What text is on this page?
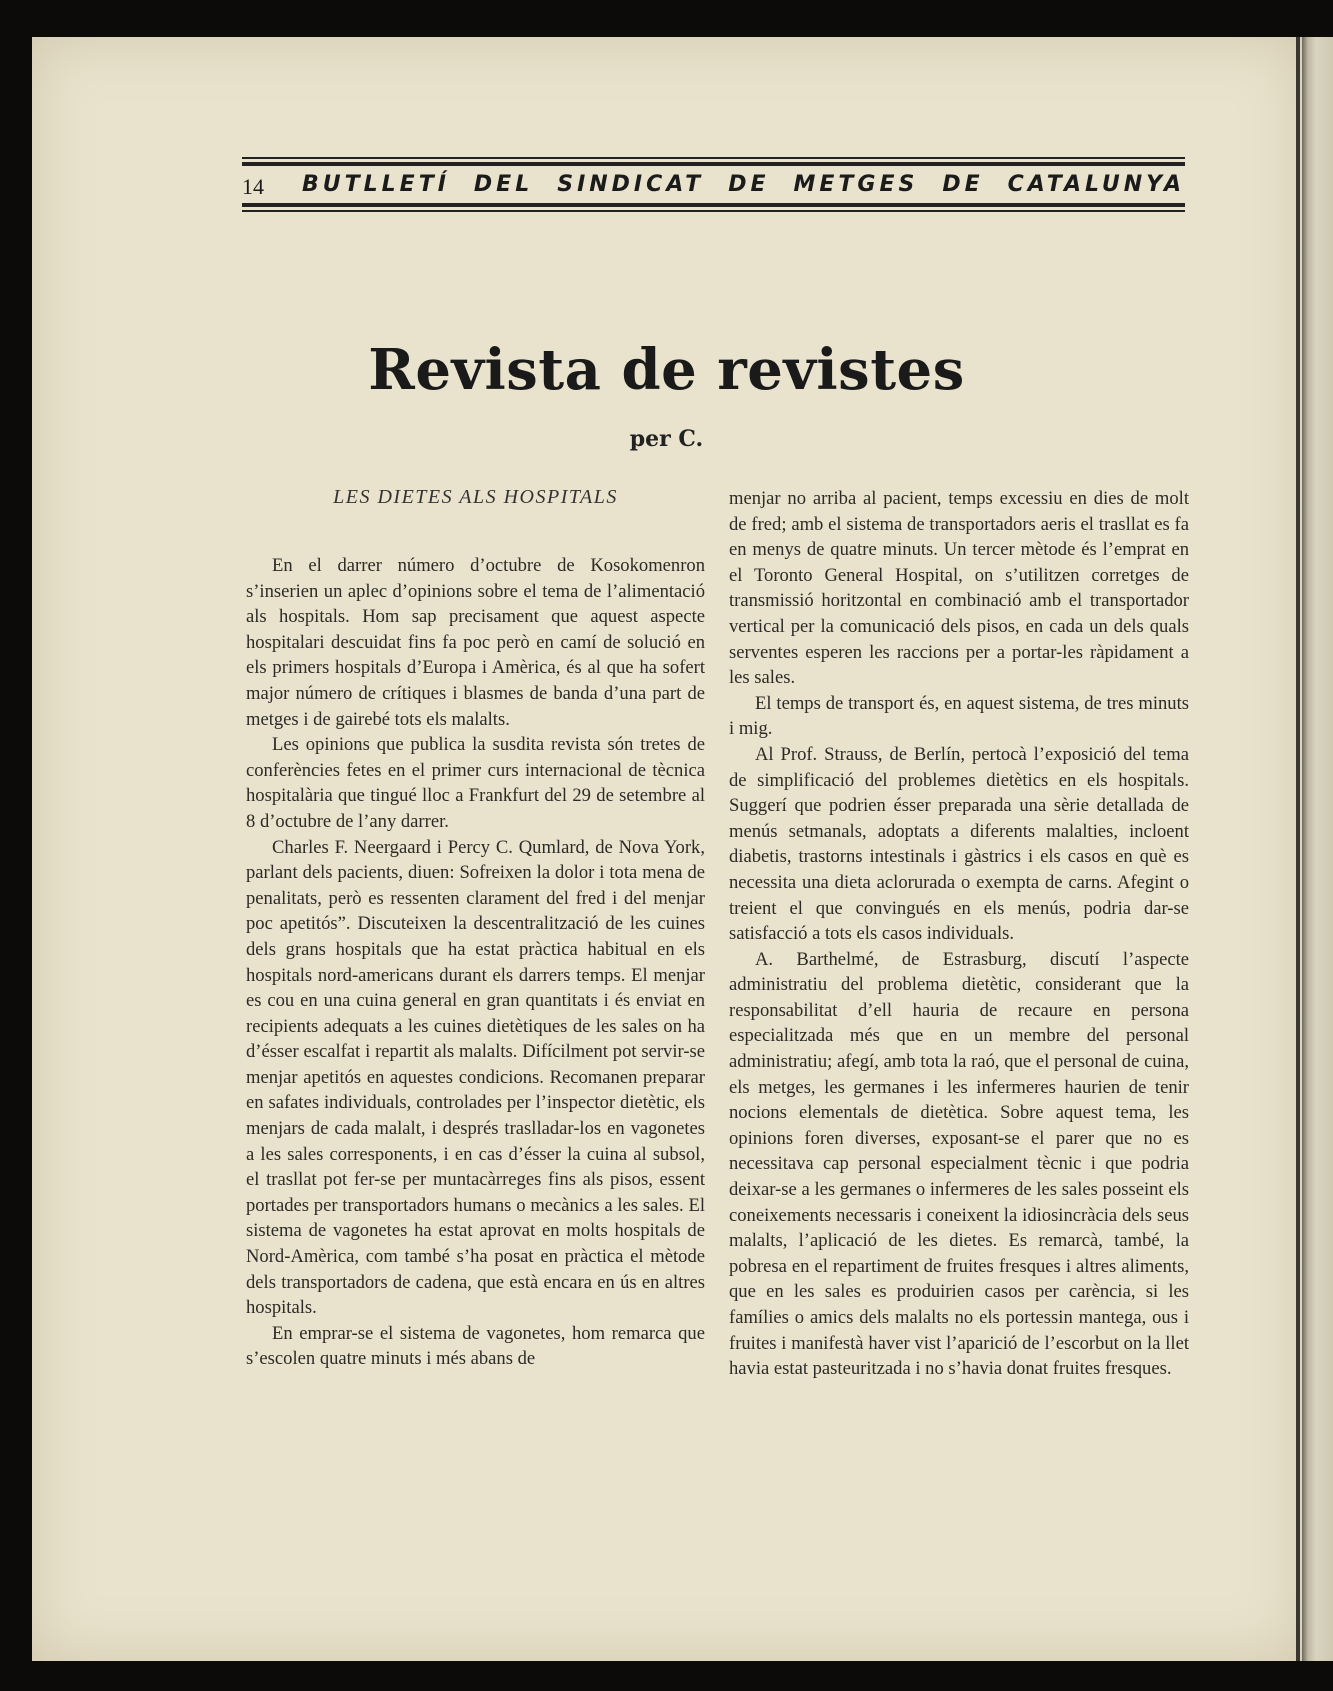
14 BUTLLETÍ DEL SINDICAT DE METGES DE CATALUNYA
Revista de revistes
per C.
LES DIETES ALS HOSPITALS

En el darrer número d’octubre de Kosokomenron s’inserien un aplec d’opinions sobre el tema de l’alimentació als hospitals. Hom sap precisament que aquest aspecte hospitalari descuidat fins fa poc però en camí de solució en els primers hospitals d’Europa i Amèrica, és al que ha sofert major número de crítiques i blasmes de banda d’una part de metges i de gairebé tots els malalts.

Les opinions que publica la susdita revista són tretes de conferències fetes en el primer curs internacional de tècnica hospitalària que tingué lloc a Frankfurt del 29 de setembre al 8 d’octubre de l’any darrer.

Charles F. Neergaard i Percy C. Qumlard, de Nova York, parlant dels pacients, diuen: Sofreixen la dolor i tota mena de penalitats, però es ressenten clarament del fred i del menjar poc apetitós”. Discuteixen la descentralització de les cuines dels grans hospitals que ha estat pràctica habitual en els hospitals nord-americans durant els darrers temps. El menjar es cou en una cuina general en gran quantitats i és enviat en recipients adequats a les cuines dietètiques de les sales on ha d’ésser escalfat i repartit als malalts. Difícilment pot servir-se menjar apetitós en aquestes condicions. Recomanen preparar en safates individuals, controlades per l’inspector dietètic, els menjars de cada malalt, i després traslladar-los en vagonetes a les sales corresponents, i en cas d’ésser la cuina al subsol, el trasllat pot fer-se per muntacàrreges fins als pisos, essent portades per transportadors humans o mecànics a les sales. El sistema de vagonetes ha estat aprovat en molts hospitals de Nord-Amèrica, com també s’ha posat en pràctica el mètode dels transportadors de cadena, que està encara en ús en altres hospitals.

En emprar-se el sistema de vagonetes, hom remarca que s’escolen quatre minuts i més abans de

menjar no arriba al pacient, temps excessiu en dies de molt de fred; amb el sistema de transportadors aeris el trasllat es fa en menys de quatre minuts. Un tercer mètode és l’emprat en el Toronto General Hospital, on s’utilitzen corretges de transmissió horitzontal en combinació amb el transportador vertical per la comunicació dels pisos, en cada un dels quals serventes esperen les raccions per a portar-les ràpidament a les sales.

El temps de transport és, en aquest sistema, de tres minuts i mig.

Al Prof. Strauss, de Berlín, pertocà l’exposició del tema de simplificació del problemes dietètics en els hospitals. Suggerí que podrien ésser preparada una sèrie detallada de menús setmanals, adoptats a diferents malalties, incloent diabetis, trastorns intestinals i gàstrics i els casos en què es necessita una dieta aclorurada o exempta de carns. Afegint o treient el que convingués en els menús, podria dar-se satisfacció a tots els casos individuals.

A. Barthelmé, de Estrasburg, discutí l’aspecte administratiu del problema dietètic, considerant que la responsabilitat d’ell hauria de recaure en persona especialitzada més que en un membre del personal administratiu; afegí, amb tota la raó, que el personal de cuina, els metges, les germanes i les infermeres haurien de tenir nocions elementals de dietètica. Sobre aquest tema, les opinions foren diverses, exposant-se el parer que no es necessitava cap personal especialment tècnic i que podria deixar-se a les germanes o infermeres de les sales posseint els coneixements necessaris i coneixent la idiosincràcia dels seus malalts, l’aplicació de les dietes. Es remarcà, també, la pobresa en el repartiment de fruites fresques i altres aliments, que en les sales es produirien casos per carència, si les famílies o amics dels malalts no els portessin mantega, ous i fruites i manifestà haver vist l’aparició de l’escorbut on la llet havia estat pasteuritzada i no s’havia donat fruites fresques.
